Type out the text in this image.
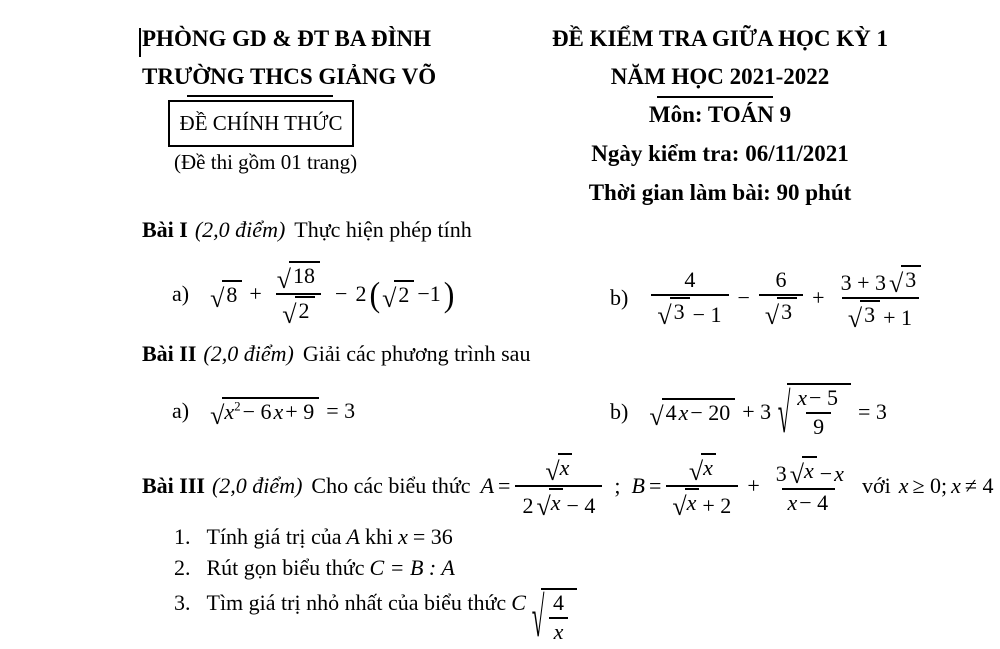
PHÒNG GD & ĐT BA ĐÌNH
TRƯỜNG THCS GIẢNG VÕ
ĐỀ CHÍNH THỨC
(Đề thi gồm 01 trang)
ĐỀ KIỂM TRA GIỮA HỌC KỲ 1
NĂM HỌC 2021-2022
Môn: TOÁN 9
Ngày kiểm tra: 06/11/2021
Thời gian làm bài: 90 phút
Bài I (2,0 điểm) Thực hiện phép tính
a) √ 8 + √ 18
√ 2 − 2 ( √ 2 −1 )	b)
4
√ 3 − 1
− 6
√ 3 + 3 + 3 √ 3
√ 3 + 1
Bài II (2,0 điểm) Giải các phương trình sau
a) √ $x^2- 6x+ 9 = 3$	b) √ 4x− 20 + 3 √ $\frac{x- 5}{9} = 3$
Bài III (2,0 điểm) Cho các biểu thức A = √ $\frac{x}{2 √ x - 4}$ ; B = √ x
√ $x + 2 + \frac{3 √ x -x}{x- 4}$ với x ≥ 0; x ≠ 4
1. Tính giá trị của A khi x = 36
2. Rút gọn biểu thức C = B : A
3. Tìm giá trị nhỏ nhất của biểu thức C √ $\frac{4}{x}$
